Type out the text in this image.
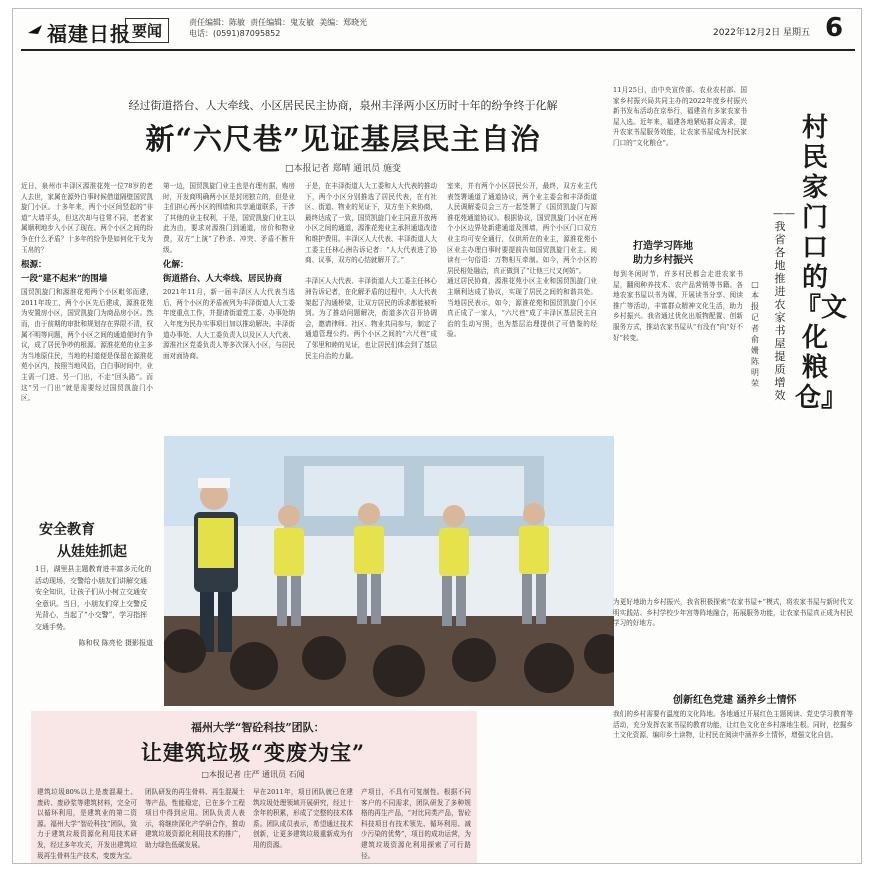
福建日报 要闻	责任编辑：陈敏 责任编辑：鬼友敏 美编：郑晓光
电话：(0591)87095852	2022年12月2日 星期五 6
经过街道搭台、人大牵线、小区居民民主协商，泉州丰泽两小区历时十年的纷争终于化解
新“六尺巷”见证基层民主自治
□本报记者 郑晴 通讯员 施变
近日，泉州市丰泽区源淮花苑一位78岁的老人去世，家属在源外白事时候借道隔壁国贸凯旋门小区。十多年来，两个小区间竖起的“非道”大墙平头，但这次却与往常不同，老者家属顺利地步入小区了现在。两个小区之间的纷争在什么矛盾？十多年的纷争是如何化干戈为玉帛的？
根源：
一段“建不起来”的围墙
国贸凯旋门和源淮花苑两个小区毗邻而建，2011年竣工，两个小区先后建成，源淮花苑为安置房小区，国贸凯旋门为商品房小区。然而，由于前期的审批和规划存在界限不清，权属不明等问题，两个小区之间的通道便时有争议，成了居民争吵的根源。源淮花苑的业主多为当地原住民，当地的村道便是保留在源淮花苑小区内，按照当地风俗，白白事时间中，业主需一门进、另一门出，不走“回头路”。而这“另一门出”就是需要经过国贸凯旋门小区。
第一边，国贸凯旋门业主也是有理有据，购房时，开发商明确两小区是封闭独立的，但是业主们担心两小区的围墙和共享通道联系，干涉了其他的业主权利，于是，国贸凯旋门业主以此为由，要求对源淮门到通道，房价和物业费，双方“上演”了秒杀、冲突、矛盾不断升级。
化解：
街道搭台、人大牵线、居民协商
2021年11月，新一届丰泽区人大代表当选后，两个小区的矛盾被列为丰泽街道人大工委年度重点工作，并提请街道党工委、办事处纳入年度为民办实事项目加以推动解决。丰泽街道办事处、人大工委负责人以及区人大代表、源淮社区党委负责人等多次深入小区，与居民面对面协商。
于是，在丰泽街道人大工委和人大代表的推动下，两个小区分别推选了居民代表，在有社区、街道、物业的见证下，双方坐下来协商，最终达成了一致，国贸凯旋门业主同意开放两小区之间的通道，源淮花苑业主承担通道改造和维护费用。丰泽区人大代表、丰泽街道人大工委主任林心洲告诉记者：“人大代表进了协商、议事，双方的心结就解开了。”

丰泽区人大代表、丰泽街道人大工委主任林心洲告诉记者，在化解矛盾的过程中，人大代表架起了沟通桥梁，让双方居民的诉求都能被听到。为了推动问题解决，街道多次召开协调会，邀请律师、社区、物业共同参与，制定了通道管理公约。两个小区之间的“六尺巷”成了邻里和睦的见证，也让居民们体会到了基层民主自治的力量。
室来，并有两个小区居民公开，最终，双方业主代表签署通道了通道协议，两个业主委会和丰泽街道人民调解委员会三方一起签署了《国贸凯旋门与源淮花苑通道协议》。根据协议，国贸凯旋门小区在两个小区边界处新建通道及围墙，两个小区门口双方业主均可安全通行，仅供所在的业主，源淮花苑小区业主办理白事时要提前告知国贸凯旋门业主。阅读有一句俗语：万物相互牵制。如今，两个小区的居民相处融洽，真正做到了“让他三尺又何妨”。
通过居民协商，源淮花苑小区主业和国贸凯旋门业主顺利达成了协议，实现了居民之间的和谐共处。当地居民表示，如今，源淮花苑和国贸凯旋门小区真正成了一家人，“六尺巷”成了丰泽区基层民主自治的生动写照，也为基层治理提供了可借鉴的经验。
安全教育
从娃娃抓起
1日，湖里县主题教育进丰富多元化的活动现场，交警给小朋友们讲解交通安全知识，让孩子们从小树立交通安全意识。当日，小朋友们穿上交警反光背心，当起了“小交警”，学习指挥交通手势。
陈和权 陈亮伦 摄影报道
福州大学“智砼科技”团队：
让建筑垃圾“变废为宝”
□本报记者 庄严 通讯员 石闻
建筑垃圾80%以上是废混凝土、废砖、废砂浆等建筑材料，完全可以循环利用，是建筑业的第二资源。福州大学“智砼科技”团队，致力于建筑垃圾资源化利用技术研发，经过多年攻关，开发出建筑垃圾再生骨料生产技术，变废为宝。
团队研发的再生骨料、再生混凝土等产品，性能稳定，已在多个工程项目中得到应用。团队负责人表示，将继续深化产学研合作，推动建筑垃圾资源化利用技术的推广，助力绿色低碳发展。
早在2011年，项目团队就已在建筑垃圾处理领域开展研究，经过十余年的积累，形成了完整的技术体系。团队成员表示，希望通过技术创新，让更多建筑垃圾重新成为有用的资源。
产项目，不具有可复制性。根据不同客户的不同需求，团队研发了多种规格的再生产品，“对比同类产品，智砼科技项目有技术领先、循环利用、减少污染的优势”，项目的成功运营，为建筑垃圾资源化利用探索了可行路径。
11月25日，由中央宣传部、农业农村部、国家乡村振兴局共同主办的2022年度乡村振兴新书发布活动在京举行，福建省有多家农家书屋入选。近年来，福建各地紧贴群众需求，提升农家书屋服务效能，让农家书屋成为村民家门口的“文化粮仓”。	村民家门口的『文化粮仓』
——我省各地推进农家书屋提质增效
□本报记者 俞姗 陈明荣
打造学习阵地
助力乡村振兴
每到冬闲时节，许多村民都会走进农家书屋，翻阅种养技术、农产品营销等书籍。各地农家书屋以书为媒，开展读书分享、阅读推广等活动，丰富群众精神文化生活，助力乡村振兴。我省通过优化出版物配置、创新服务方式，推动农家书屋从“有没有”向“好不好”转变。
为更好地助力乡村振兴，我省积极探索“农家书屋+”模式，将农家书屋与新时代文明实践站、乡村学校少年宫等阵地融合，拓展服务功能，让农家书屋真正成为村民学习的好地方。
创新红色党建 涵养乡土情怀
我们的乡村需要有温度的文化阵地。各地通过开展红色主题阅读、党史学习教育等活动，充分发挥农家书屋的教育功能，让红色文化在乡村落地生根。同时，挖掘乡土文化资源，编印乡土读物，让村民在阅读中涵养乡土情怀，增强文化自信。
